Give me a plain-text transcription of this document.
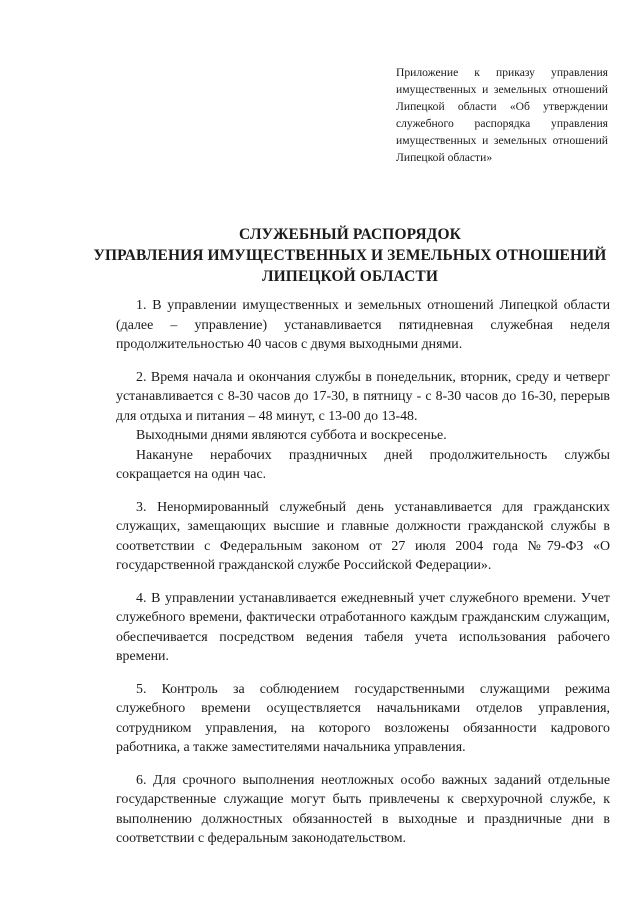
Приложение к приказу управления имущественных и земельных отношений Липецкой области «Об утверждении служебного распорядка управления имущественных и земельных отношений Липецкой области»
СЛУЖЕБНЫЙ РАСПОРЯДОК
УПРАВЛЕНИЯ ИМУЩЕСТВЕННЫХ И ЗЕМЕЛЬНЫХ ОТНОШЕНИЙ
ЛИПЕЦКОЙ ОБЛАСТИ

1. В управлении имущественных и земельных отношений Липецкой области (далее – управление) устанавливается пятидневная служебная неделя продолжительностью 40 часов с двумя выходными днями.

2. Время начала и окончания службы в понедельник, вторник, среду и четверг устанавливается с 8-30 часов до 17-30, в пятницу - с 8-30 часов до 16-30, перерыв для отдыха и питания – 48 минут, с 13-00 до 13-48.

Выходными днями являются суббота и воскресенье.

Накануне нерабочих праздничных дней продолжительность службы сокращается на один час.

3. Ненормированный служебный день устанавливается для гражданских служащих, замещающих высшие и главные должности гражданской службы в соответствии с Федеральным законом от 27 июля 2004 года №79-ФЗ «О государственной гражданской службе Российской Федерации».

4. В управлении устанавливается ежедневный учет служебного времени. Учет служебного времени, фактически отработанного каждым гражданским служащим, обеспечивается посредством ведения табеля учета использования рабочего времени.

5. Контроль за соблюдением государственными служащими режима служебного времени осуществляется начальниками отделов управления, сотрудником управления, на которого возложены обязанности кадрового работника, а также заместителями начальника управления.

6. Для срочного выполнения неотложных особо важных заданий отдельные государственные служащие могут быть привлечены к сверхурочной службе, к выполнению должностных обязанностей в выходные и праздничные дни в соответствии с федеральным законодательством.
